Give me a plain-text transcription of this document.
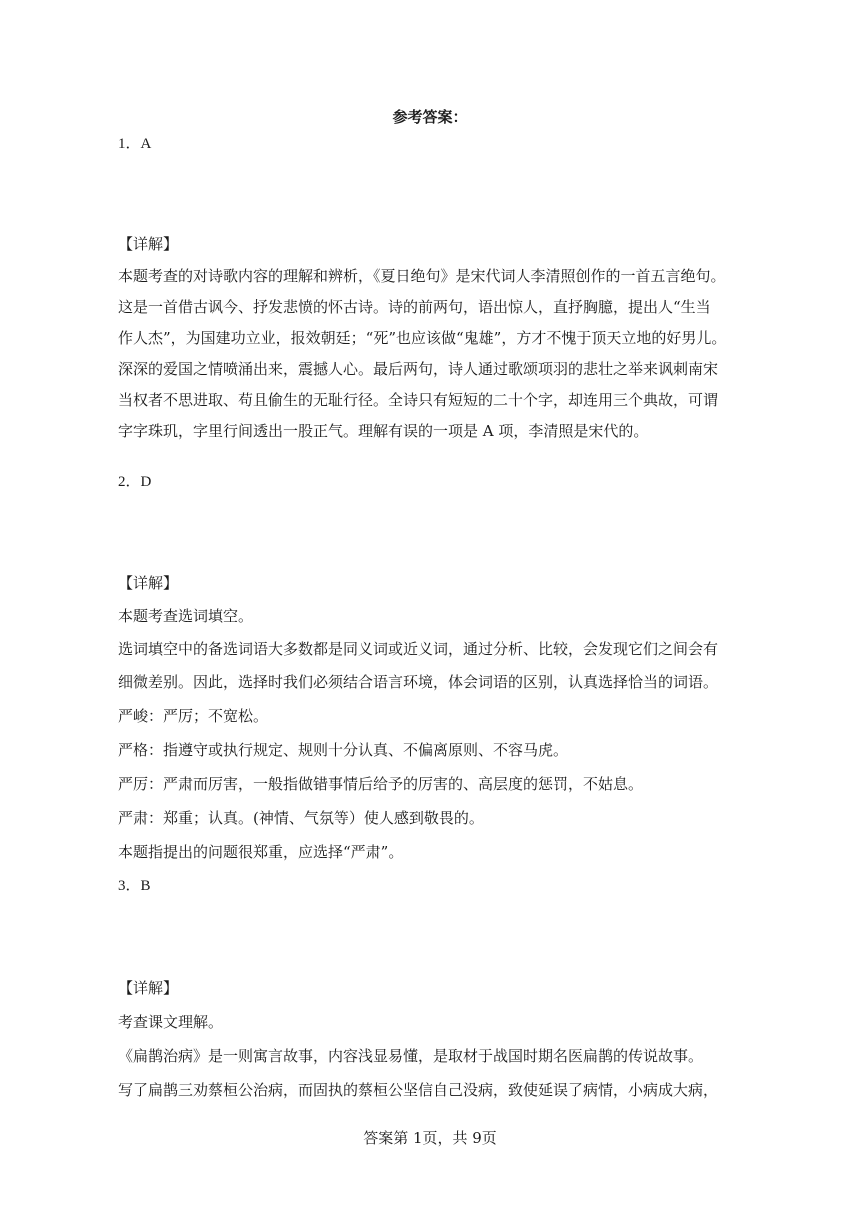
参考答案：
1．A
【详解】
本题考查的对诗歌内容的理解和辨析，《夏日绝句》是宋代词人李清照创作的一首五言绝句。
这是一首借古讽今、抒发悲愤的怀古诗。诗的前两句，语出惊人，直抒胸臆，提出人“生当
作人杰”，为国建功立业，报效朝廷；“死”也应该做“鬼雄”，方才不愧于顶天立地的好男儿。
深深的爱国之情喷涌出来，震撼人心。最后两句，诗人通过歌颂项羽的悲壮之举来讽刺南宋
当权者不思进取、苟且偷生的无耻行径。全诗只有短短的二十个字，却连用三个典故，可谓
字字珠玑，字里行间透出一股正气。理解有误的一项是 A 项，李清照是宋代的。
2．D
【详解】
本题考查选词填空。
选词填空中的备选词语大多数都是同义词或近义词，通过分析、比较，会发现它们之间会有
细微差别。因此，选择时我们必须结合语言环境，体会词语的区别，认真选择恰当的词语。
严峻：严厉；不宽松。
严格：指遵守或执行规定、规则十分认真、不偏离原则、不容马虎。
严厉：严肃而厉害，一般指做错事情后给予的厉害的、高层度的惩罚，不姑息。
严肃：郑重；认真。(神情、气氛等）使人感到敬畏的。
本题指提出的问题很郑重，应选择“严肃”。
3．B
【详解】
考查课文理解。
《扁鹊治病》是一则寓言故事，内容浅显易懂，是取材于战国时期名医扁鹊的传说故事。
写了扁鹊三劝蔡桓公治病，而固执的蔡桓公坚信自己没病，致使延误了病情，小病成大病，
答案第 1页，共 9页
